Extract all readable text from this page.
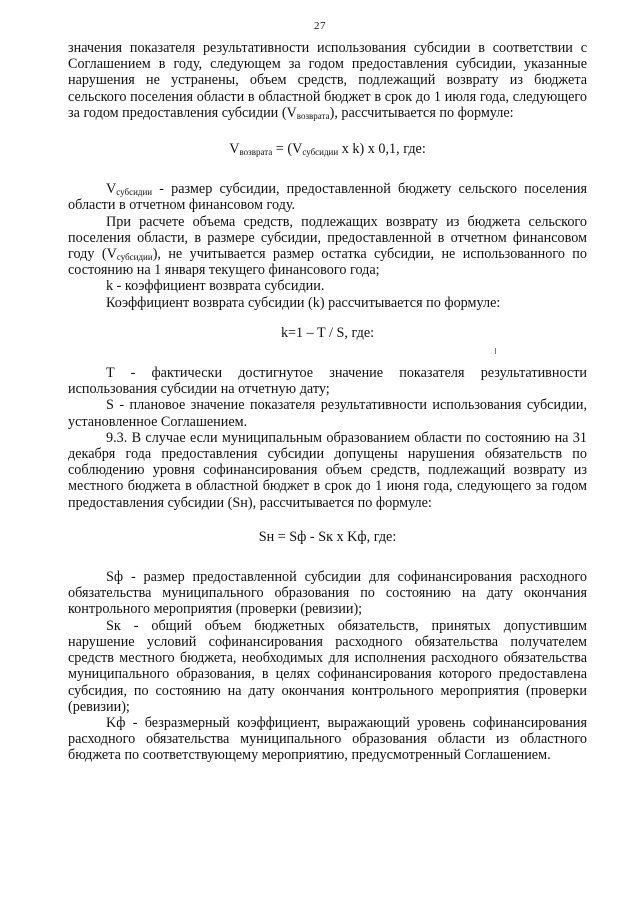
27

значения показателя результативности использования субсидии в соответствии с Соглашением в году, следующем за годом предоставления субсидии, указанные нарушения не устранены, объем средств, подлежащий возврату из бюджета сельского поселения области в областной бюджет в срок до 1 июля года, следующего за годом предоставления субсидии $(V_{возврата})$, рассчитывается по формуле:

$V_{возврата} = (V_{субсидии}$ x k) x 0,1, где:

$V_{субсидии}$ - размер субсидии, предоставленной бюджету сельского поселения области в отчетном финансовом году.

При расчете объема средств, подлежащих возврату из бюджета сельского поселения области, в размере субсидии, предоставленной в отчетном финансовом году $(V_{субсидии})$, не учитывается размер остатка субсидии, не использованного по состоянию на 1 января текущего финансового года;

k - коэффициент возврата субсидии.

Коэффициент возврата субсидии (k) рассчитывается по формуле:

k=1 – T / S, где:

T - фактически достигнутое значение показателя результативности использования субсидии на отчетную дату;

S - плановое значение показателя результативности использования субсидии, установленное Соглашением.

9.3. В случае если муниципальным образованием области по состоянию на 31 декабря года предоставления субсидии допущены нарушения обязательств по соблюдению уровня софинансирования объем средств, подлежащий возврату из местного бюджета в областной бюджет в срок до 1 июня года, следующего за годом предоставления субсидии (Sн), рассчитывается по формуле:

Sн = Sф - Sк x Kф, где:

Sф - размер предоставленной субсидии для софинансирования расходного обязательства муниципального образования по состоянию на дату окончания контрольного мероприятия (проверки (ревизии);

Sк - общий объем бюджетных обязательств, принятых допустившим нарушение условий софинансирования расходного обязательства получателем средств местного бюджета, необходимых для исполнения расходного обязательства муниципального образования, в целях софинансирования которого предоставлена субсидия, по состоянию на дату окончания контрольного мероприятия (проверки (ревизии);

Kф - безразмерный коэффициент, выражающий уровень софинансирования расходного обязательства муниципального образования области из областного бюджета по соответствующему мероприятию, предусмотренный Соглашением.
